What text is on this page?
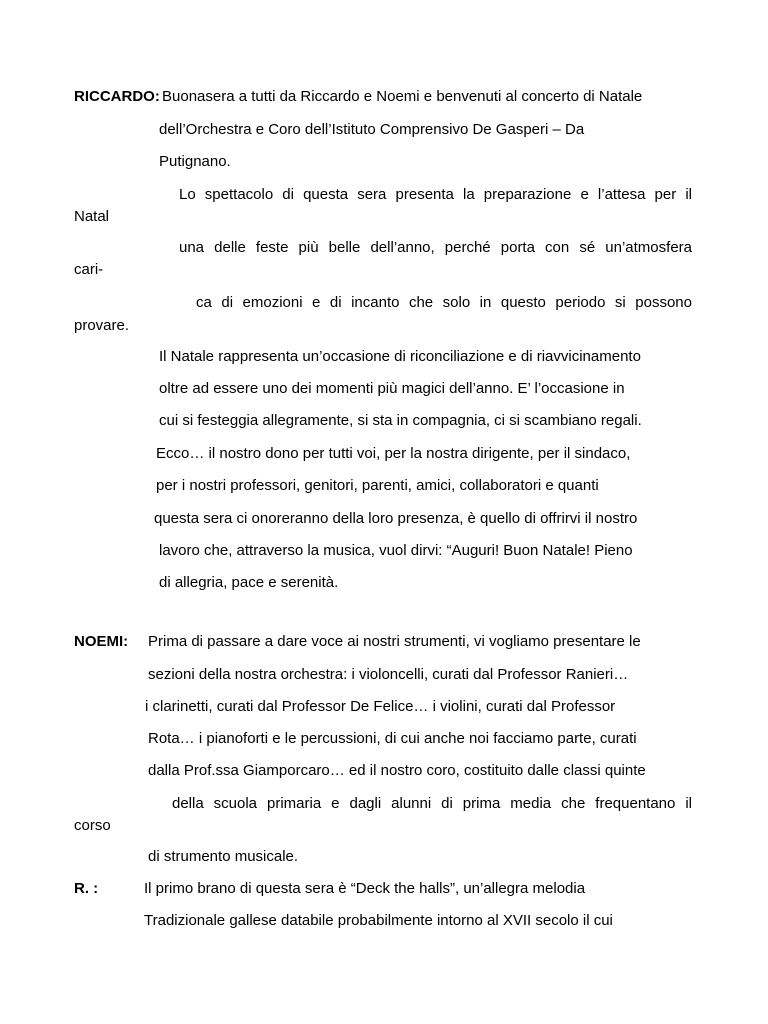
RICCARDO: Buonasera a tutti da Riccardo e Noemi e benvenuti al concerto di Natale
dell’Orchestra e Coro dell’Istituto Comprensivo De Gasperi – Da
Putignano.
Lo spettacolo di questa sera presenta la preparazione e l’attesa per il
Natal
una delle feste più belle dell’anno, perché porta con sé un’atmosfera
cari-
ca di emozioni e di incanto che solo in questo periodo si possono
provare.
Il Natale rappresenta un’occasione di riconciliazione e di riavvicinamento
oltre ad essere uno dei momenti più magici dell’anno. E’ l’occasione in
cui si festeggia allegramente, si sta in compagnia, ci si scambiano regali.
Ecco… il nostro dono per tutti voi, per la nostra dirigente, per il sindaco,
per i nostri professori, genitori, parenti, amici, collaboratori e quanti
questa sera ci onoreranno della loro presenza, è quello di offrirvi il nostro
lavoro che, attraverso la musica, vuol dirvi: “Auguri! Buon Natale! Pieno
di allegria, pace e serenità.
NOEMI: Prima di passare a dare voce ai nostri strumenti, vi vogliamo presentare le
sezioni della nostra orchestra: i violoncelli, curati dal Professor Ranieri…
i clarinetti, curati dal Professor De Felice… i violini, curati dal Professor
Rota… i pianoforti e le percussioni, di cui anche noi facciamo parte, curati
dalla Prof.ssa Giamporcaro… ed il nostro coro, costituito dalle classi quinte
della scuola primaria e dagli alunni di prima media che frequentano il
corso
di strumento musicale.
R. :	Il primo brano di questa sera è “Deck the halls”, un’allegra melodia
Tradizionale gallese databile probabilmente intorno al XVII secolo il cui
